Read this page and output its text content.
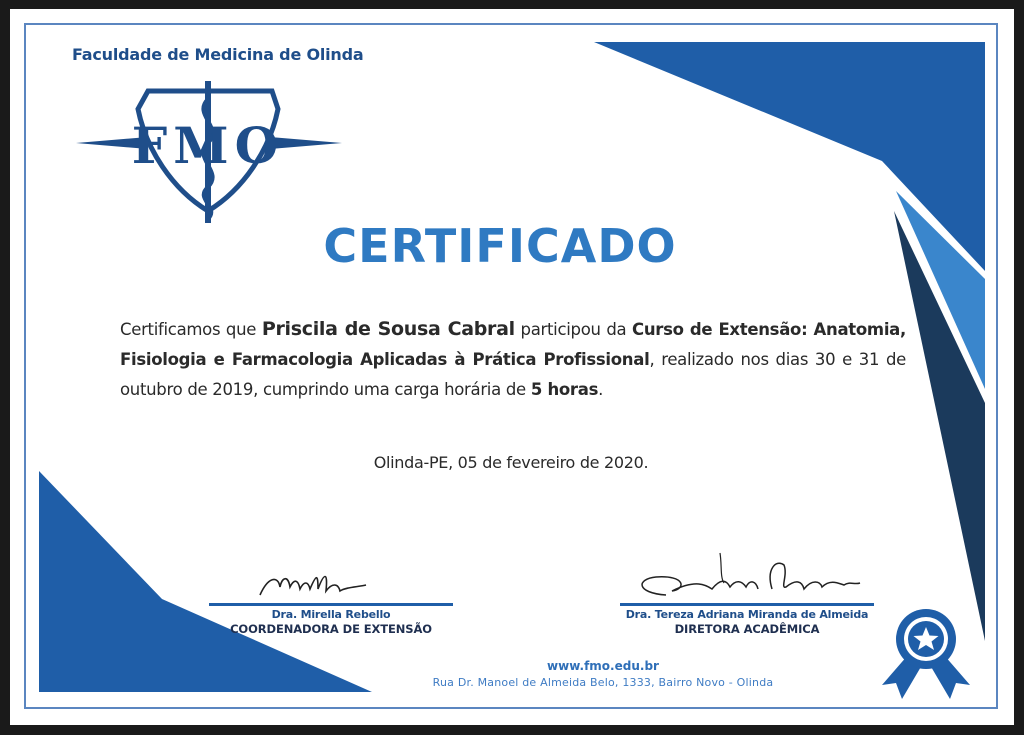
Faculdade de Medicina de Olinda
FMO
CERTIFICADO
Certificamos que Priscila de Sousa Cabral participou da Curso de Extensão: Anatomia, Fisiologia e Farmacologia Aplicadas à Prática Profissional, realizado nos dias 30 e 31 de outubro de 2019, cumprindo uma carga horária de 5 horas.
Olinda-PE, 05 de fevereiro de 2020.
Dra. Mirella Rebello
COORDENADORA DE EXTENSÃO
Dra. Tereza Adriana Miranda de Almeida
DIRETORA ACADÊMICA
www.fmo.edu.br
Rua Dr. Manoel de Almeida Belo, 1333, Bairro Novo - Olinda
